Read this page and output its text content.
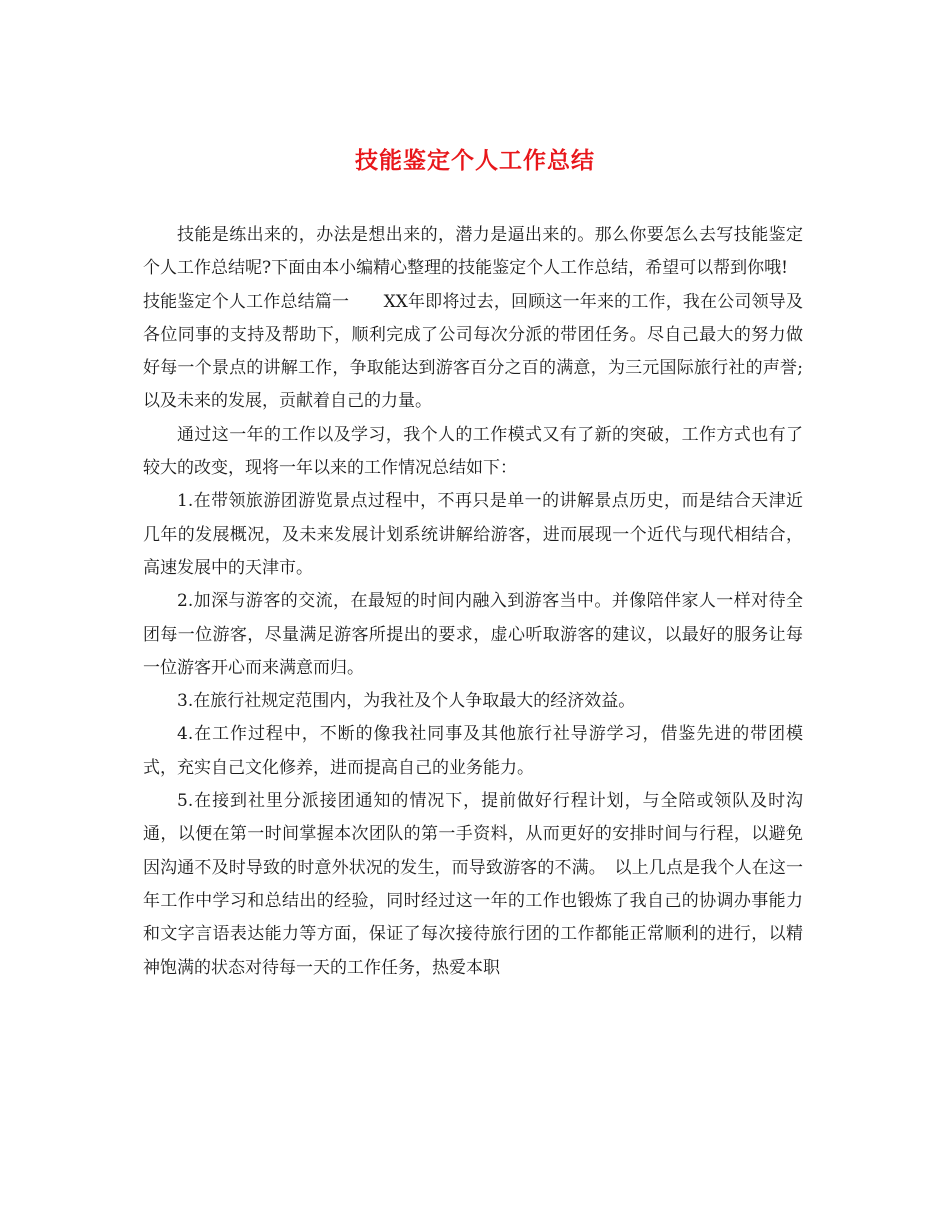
技能鉴定个人工作总结

技能是练出来的，办法是想出来的，潜力是逼出来的。那么你要怎么去写技能鉴定个人工作总结呢?下面由本小编精心整理的技能鉴定个人工作总结，希望可以帮到你哦!

技能鉴定个人工作总结篇一　　XX年即将过去，回顾这一年来的工作，我在公司领导及各位同事的支持及帮助下，顺利完成了公司每次分派的带团任务。尽自己最大的努力做好每一个景点的讲解工作，争取能达到游客百分之百的满意，为三元国际旅行社的声誉;以及未来的发展，贡献着自己的力量。

通过这一年的工作以及学习，我个人的工作模式又有了新的突破，工作方式也有了较大的改变，现将一年以来的工作情况总结如下：

1.在带领旅游团游览景点过程中，不再只是单一的讲解景点历史，而是结合天津近几年的发展概况，及未来发展计划系统讲解给游客，进而展现一个近代与现代相结合，高速发展中的天津市。

2.加深与游客的交流，在最短的时间内融入到游客当中。并像陪伴家人一样对待全团每一位游客，尽量满足游客所提出的要求，虚心听取游客的建议，以最好的服务让每一位游客开心而来满意而归。

3.在旅行社规定范围内，为我社及个人争取最大的经济效益。

4.在工作过程中，不断的像我社同事及其他旅行社导游学习，借鉴先进的带团模式，充实自己文化修养，进而提高自己的业务能力。

5.在接到社里分派接团通知的情况下，提前做好行程计划，与全陪或领队及时沟通，以便在第一时间掌握本次团队的第一手资料，从而更好的安排时间与行程，以避免因沟通不及时导致的时意外状况的发生，而导致游客的不满。　以上几点是我个人在这一年工作中学习和总结出的经验，同时经过这一年的工作也锻炼了我自己的协调办事能力和文字言语表达能力等方面，保证了每次接待旅行团的工作都能正常顺利的进行，以精神饱满的状态对待每一天的工作任务，热爱本职
